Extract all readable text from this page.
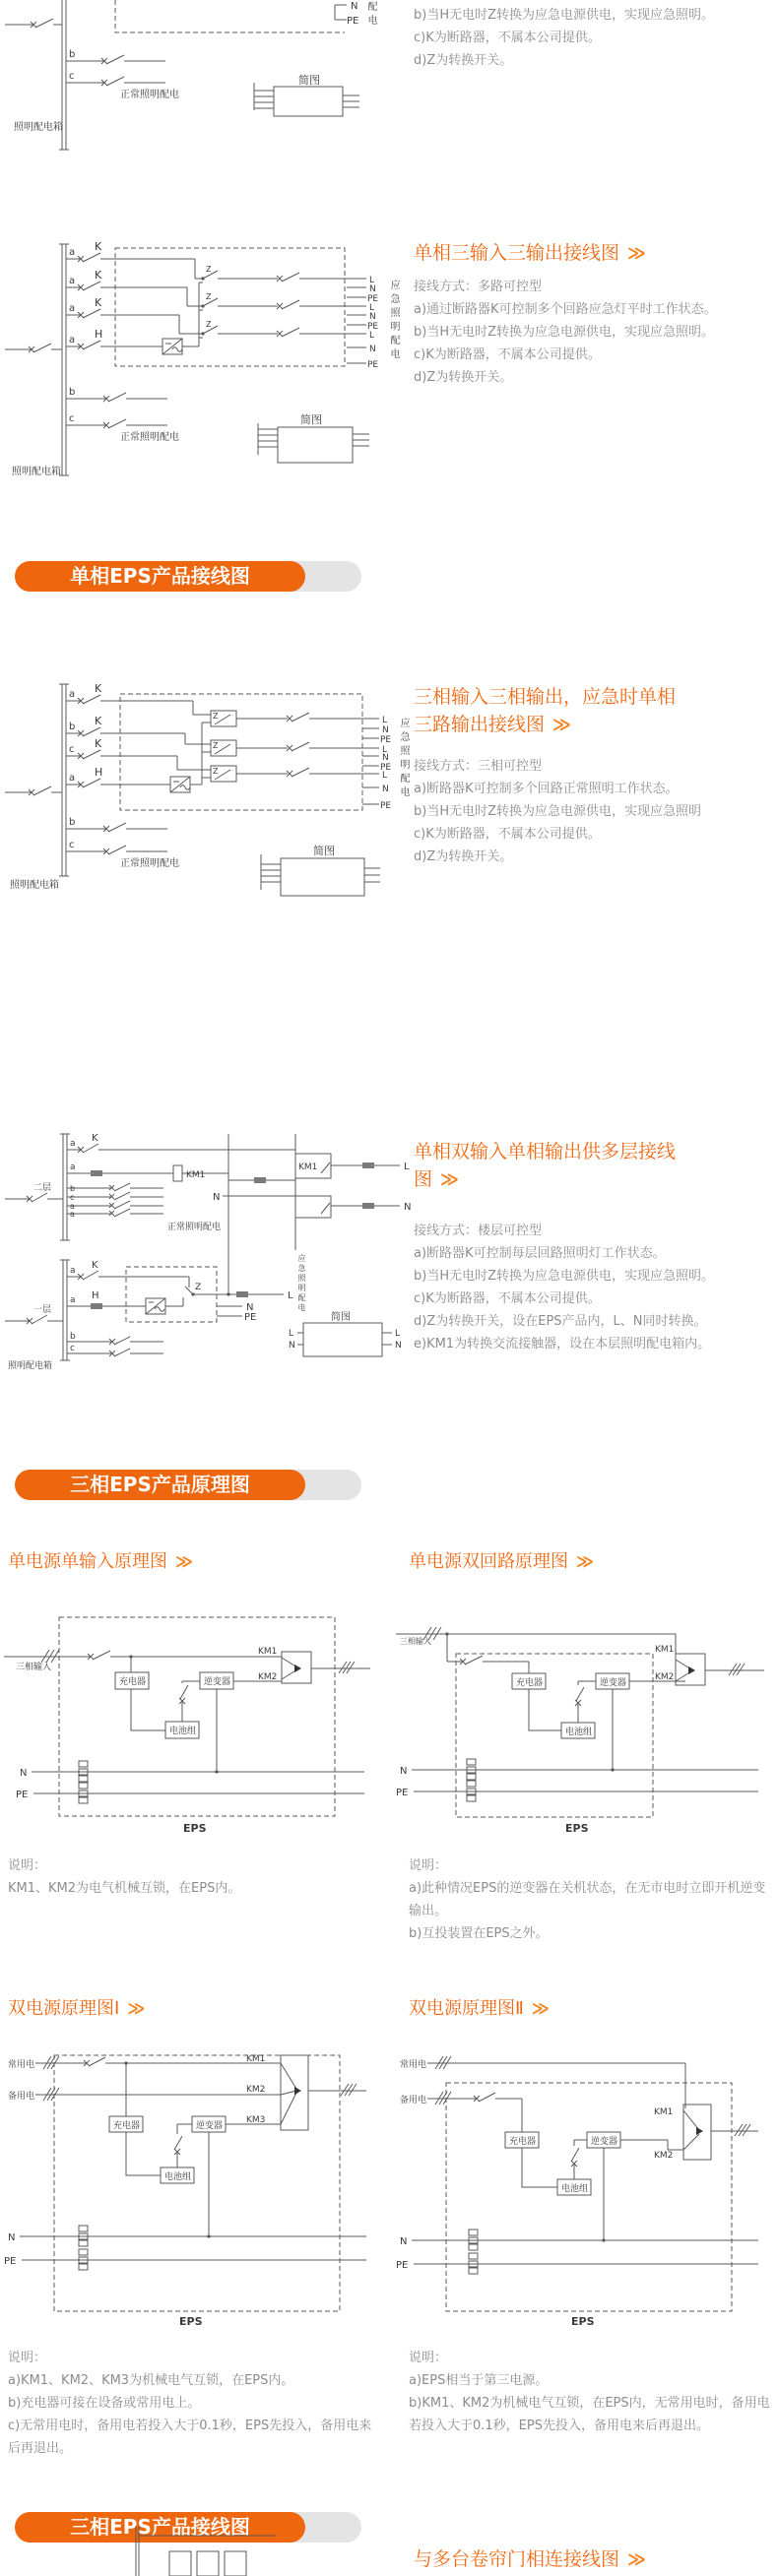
N
PE
b
c
正常照明配电
照明配电箱
简图
配电	b)当H无电时Z转换为应急电源供电，实现应急照明。
c)K为断路器，不属本公司提供。
d)Z为转换开关。
a
a
a
a
K
K
K
H
Z
Z
Z
L
N
PE
L
N
PE
L
N
PE
b
c
正常照明配电
照明配电箱
简图
应急照明配电
单相三输入三输出接线图 ≫
接线方式：多路可控型
a)通过断路器K可控制多个回路应急灯平时工作状态。
b)当H无电时Z转换为应急电源供电，实现应急照明。
c)K为断路器，不属本公司提供。
d)Z为转换开关。
单相EPS产品接线图
a
b
c
a
K
K
K
H
Z
Z
Z
L
N
PE
L
N
PE
L
N
PE
b
c
正常照明配电
照明配电箱
简图
应急照明配电
三相输入三相输出，应急时单相
三路输出接线图 ≫
接线方式：三相可控型
a)断路器K可控制多个回路正常照明工作状态。
b)当H无电时Z转换为应急电源供电，实现应急照明
c)K为断路器，不属本公司提供。
d)Z为转换开关。
二层
a K
a
KM1
b
c
a
a
正常照明配电
KM1	L
N
N
一层
a K
a H
Z
L
N
PE
b
c
照明配电箱
简图
L
N
L
N
应急照明配电
单相双输入单相输出供多层接线
图 ≫
接线方式：楼层可控型
a)断路器K可控制每层回路照明灯工作状态。
b)当H无电时Z转换为应急电源供电，实现应急照明。
c)K为断路器，不属本公司提供。
d)Z为转换开关，设在EPS产品内，L、N同时转换。
e)KM1为转换交流接触器，设在本层照明配电箱内。
三相EPS产品原理图
单电源单输入原理图 ≫	单电源双回路原理图 ≫
三相输入
充电器
电池组
逆变器
KM1
KM2
N
PE
EPS
三相输入
充电器
电池组
逆变器
KM1
KM2
N
PE
EPS
说明：
KM1、KM2为电气机械互锁，在EPS内。
说明：
a)此种情况EPS的逆变器在关机状态，在无市电时立即开机逆变输出。
b)互投装置在EPS之外。
双电源原理图Ⅰ ≫	双电源原理图Ⅱ ≫
常用电
备用电
充电器
电池组
逆变器
KM1
KM2
KM3
N
PE
EPS
常用电
备用电
充电器
电池组
逆变器
KM1
KM2
N
PE
EPS
说明：
a)KM1、KM2、KM3为机械电气互锁，在EPS内。
b)充电器可接在设备或常用电上。
c)无常用电时，备用电若投入大于0.1秒，EPS先投入，备用电来后再退出。
说明：
a)EPS相当于第三电源。
b)KM1、KM2为机械电气互锁，在EPS内，无常用电时，备用电若投入大于0.1秒，EPS先投入，备用电来后再退出。
三相EPS产品接线图
与多台卷帘门相连接线图 ≫
